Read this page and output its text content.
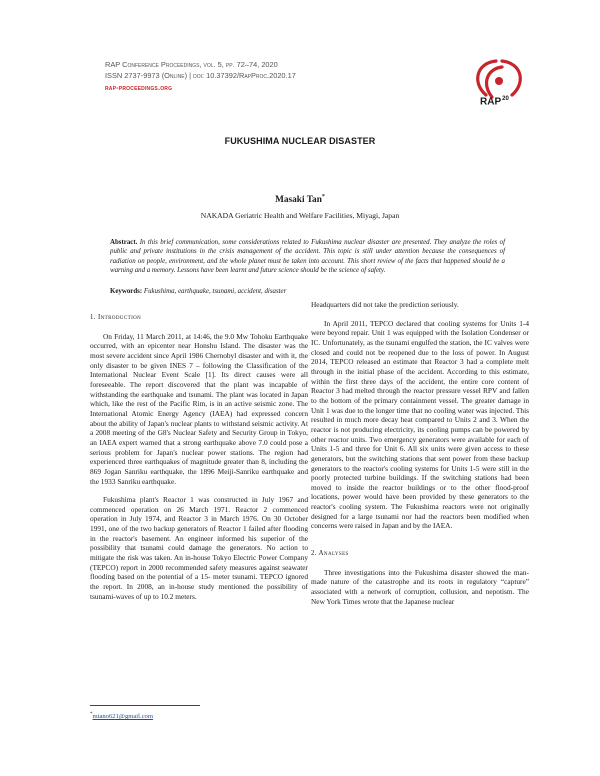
RAP Conference Proceedings, vol. 5, pp. 72–74, 2020
ISSN 2737-9973 (Online) | doi: 10.37392/RapProc.2020.17
rap-proceedings.org
RAP$^{20}$
FUKUSHIMA NUCLEAR DISASTER
Masaki Tan*
NAKADA Geriatric Health and Welfare Facilities, Miyagi, Japan
Abstract. In this brief communication, some considerations related to Fukushima nuclear disaster are presented. They analyze the roles of public and private institutions in the crisis management of the accident. This topic is still under attention because the consequences of radiation on people, environment, and the whole planet must be taken into account. This short review of the facts that happened should be a warning and a memory. Lessons have been learnt and future science should be the science of safety.
Keywords: Fukushima, earthquake, tsunami, accident, disaster
1. Introduction

On Friday, 11 March 2011, at 14:46, the 9.0 Mw Tohoku Earthquake occurred, with an epicenter near Honshu Island. The disaster was the most severe accident since April 1986 Chernobyl disaster and with it, the only disaster to be given INES 7 – following the Classification of the International Nuclear Event Scale [1]. Its direct causes were all foreseeable. The report discovered that the plant was incapable of withstanding the earthquake and tsunami. The plant was located in Japan which, like the rest of the Pacific Rim, is in an active seismic zone. The International Atomic Energy Agency (IAEA) had expressed concern about the ability of Japan's nuclear plants to withstand seismic activity. At a 2008 meeting of the G8's Nuclear Safety and Security Group in Tokyo, an IAEA expert warned that a strong earthquake above 7.0 could pose a serious problem for Japan's nuclear power stations. The region had experienced three earthquakes of magnitude greater than 8, including the 869 Jogan Sanriku earthquake, the 1896 Meiji-Sanriku earthquake and the 1933 Sanriku earthquake.

Fukushima plant's Reactor 1 was constructed in July 1967 and commenced operation on 26 March 1971. Reactor 2 commenced operation in July 1974, and Reactor 3 in March 1976. On 30 October 1991, one of the two backup generators of Reactor 1 failed after flooding in the reactor's basement. An engineer informed his superior of the possibility that tsunami could damage the generators. No action to mitigate the risk was taken. An in-house Tokyo Electric Power Company (TEPCO) report in 2000 recommended safety measures against seawater flooding based on the potential of a 15- meter tsunami. TEPCO ignored the report. In 2008, an in-house study mentioned the possibility of tsunami-waves of up to 10.2 meters.

Headquarters did not take the prediction seriously.

In April 2011, TEPCO declared that cooling systems for Units 1-4 were beyond repair. Unit 1 was equipped with the Isolation Condenser or IC. Unfortunately, as the tsunami engulfed the station, the IC valves were closed and could not be reopened due to the loss of power. In August 2014, TEPCO released an estimate that Reactor 3 had a complete melt through in the initial phase of the accident. According to this estimate, within the first three days of the accident, the entire core content of Reactor 3 had melted through the reactor pressure vessel RPV and fallen to the bottom of the primary containment vessel. The greater damage in Unit 1 was due to the longer time that no cooling water was injected. This resulted in much more decay heat compared to Units 2 and 3. When the reactor is not producing electricity, its cooling pumps can be powered by other reactor units. Two emergency generators were available for each of Units 1-5 and three for Unit 6. All six units were given access to these generators, but the switching stations that sent power from these backup generators to the reactor's cooling systems for Units 1-5 were still in the poorly protected turbine buildings. If the switching stations had been moved to inside the reactor buildings or to the other flood-proof locations, power would have been provided by these generators to the reactor's cooling system. The Fukushima reactors were not originally designed for a large tsunami nor had the reactors been modified when concerns were raised in Japan and by the IAEA.

2. Analyses

Three investigations into the Fukushima disaster showed the man-made nature of the catastrophe and its roots in regulatory “capture” associated with a network of corruption, collusion, and nepotism. The New York Times wrote that the Japanese nuclear

*mtano621@gmail.com
